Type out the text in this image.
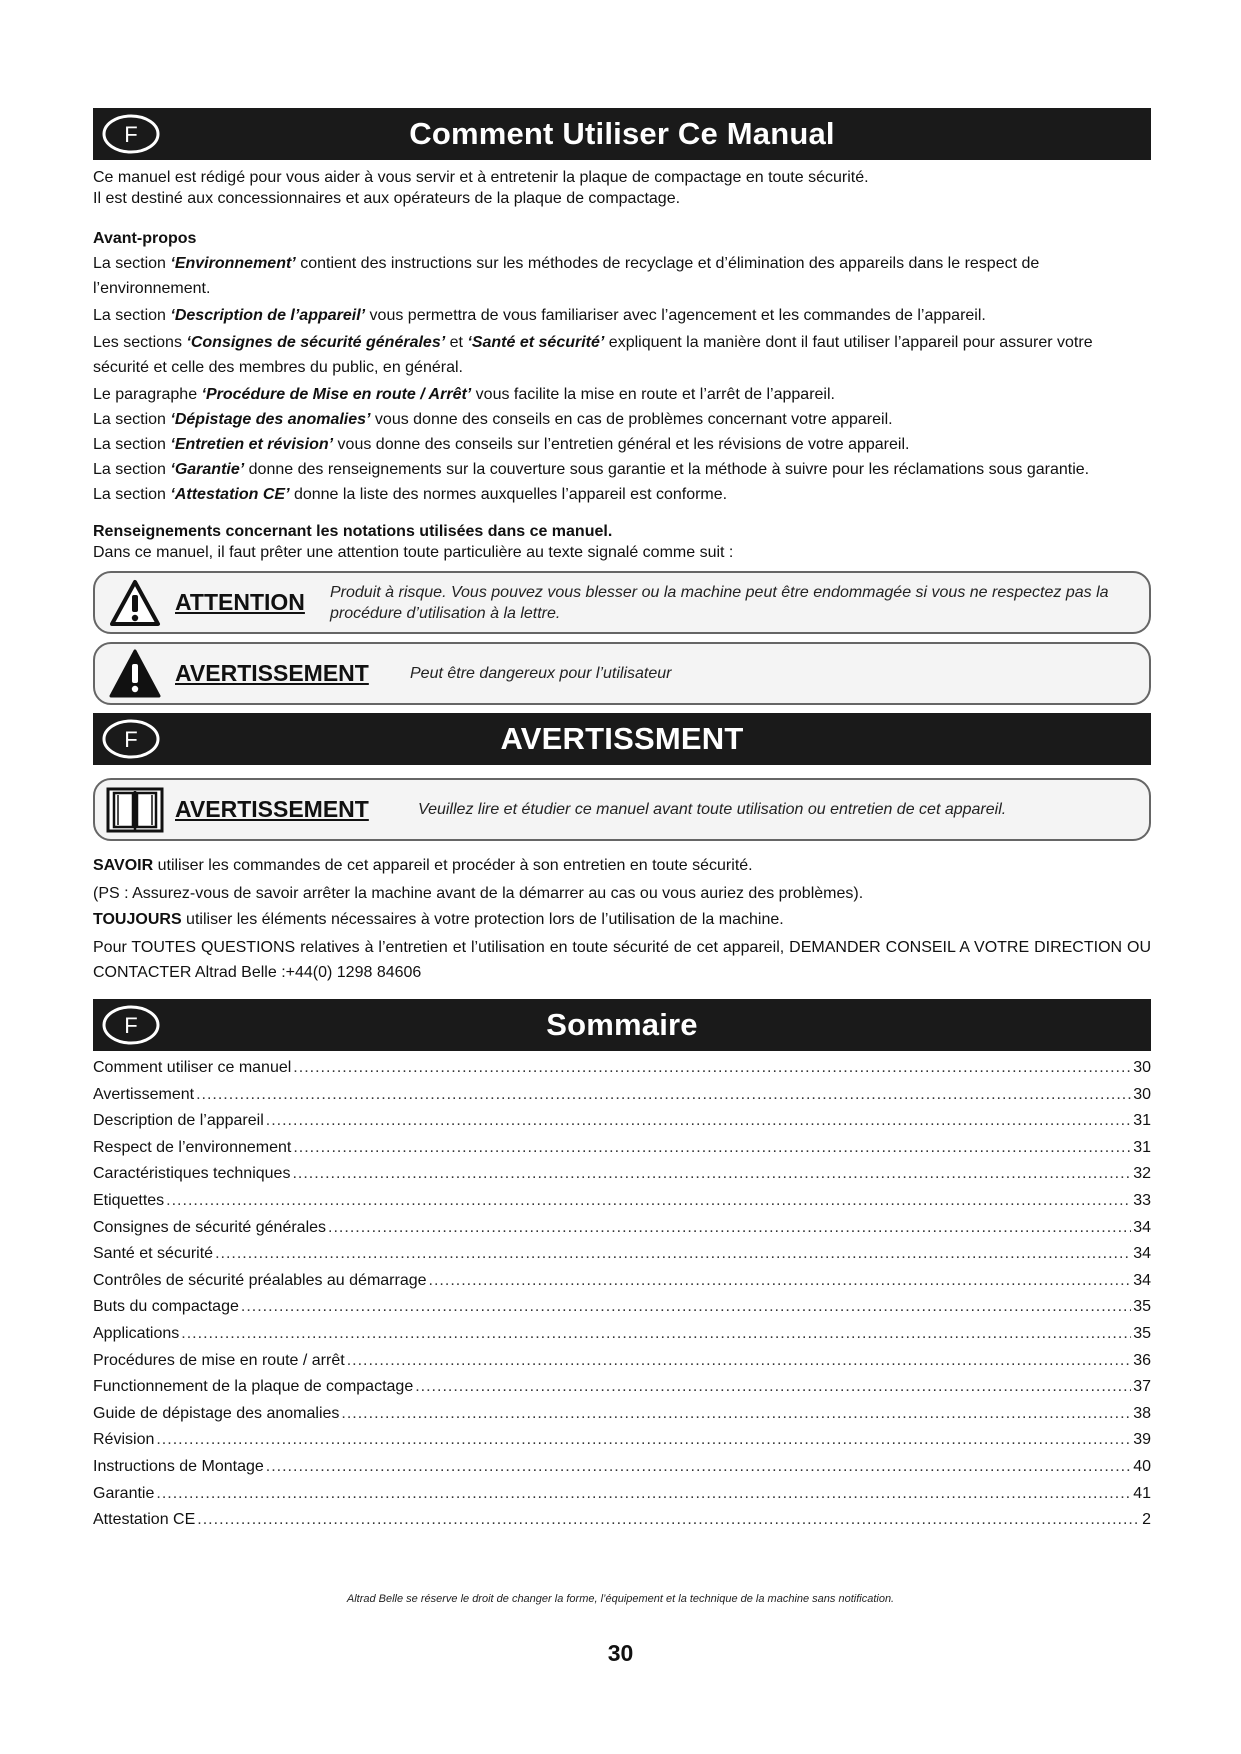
F	Comment Utiliser Ce Manual
Ce manuel est rédigé pour vous aider à vous servir et à entretenir la plaque de compactage en toute sécurité.
Il est destiné aux concessionnaires et aux opérateurs de la plaque de compactage.
Avant-propos

La section ‘Environnement’ contient des instructions sur les méthodes de recyclage et d’élimination des appareils dans le respect de l’environnement.

La section ‘Description de l’appareil’ vous permettra de vous familiariser avec l’agencement et les commandes de l’appareil.

Les sections ‘Consignes de sécurité générales’ et ‘Santé et sécurité’ expliquent la manière dont il faut utiliser l’appareil pour assurer votre sécurité et celle des membres du public, en général.

Le paragraphe ‘Procédure de Mise en route / Arrêt’ vous facilite la mise en route et l’arrêt de l’appareil.

La section ‘Dépistage des anomalies’ vous donne des conseils en cas de problèmes concernant votre appareil.

La section ‘Entretien et révision’ vous donne des conseils sur l’entretien général et les révisions de votre appareil.

La section ‘Garantie’ donne des renseignements sur la couverture sous garantie et la méthode à suivre pour les réclamations sous garantie.

La section ‘Attestation CE’ donne la liste des normes auxquelles l’appareil est conforme.

Renseignements concernant les notations utilisées dans ce manuel.
Dans ce manuel, il faut prêter une attention toute particulière au texte signalé comme suit :
ATTENTION	Produit à risque. Vous pouvez vous blesser ou la machine peut être endommagée si vous ne respectez pas la procédure d’utilisation à la lettre.
AVERTISSEMENT	Peut être dangereux pour l’utilisateur
F	AVERTISSMENT
AVERTISSEMENT	Veuillez lire et étudier ce manuel avant toute utilisation ou entretien de cet appareil.

SAVOIR utiliser les commandes de cet appareil et procéder à son entretien en toute sécurité.

(PS : Assurez-vous de savoir arrêter la machine avant de la démarrer au cas ou vous auriez des problèmes).

TOUJOURS utiliser les éléments nécessaires à votre protection lors de l’utilisation de la machine.

Pour TOUTES QUESTIONS relatives à l’entretien et l’utilisation en toute sécurité de cet appareil, DEMANDER CONSEIL A VOTRE DIRECTION OU CONTACTER Altrad Belle :+44(0) 1298 84606

F	Sommaire
Comment utiliser ce manuel .....	30
Avertissement .....	30
Description de l’appareil .....	31
Respect de l’environnement .....	31
Caractéristiques techniques .....	32
Etiquettes .....	33
Consignes de sécurité générales .....	34
Santé et sécurité .....	34
Contrôles de sécurité préalables au démarrage .....	34
Buts du compactage .....	35
Applications .....	35
Procédures de mise en route / arrêt .....	36
Functionnement de la plaque de compactage .....	37
Guide de dépistage des anomalies .....	38
Révision .....	39
Instructions de Montage .....	40
Garantie .....	41
Attestation CE .....	2
Altrad Belle se réserve le droit de changer la forme, l’équipement et la technique de la machine sans notification.
30
